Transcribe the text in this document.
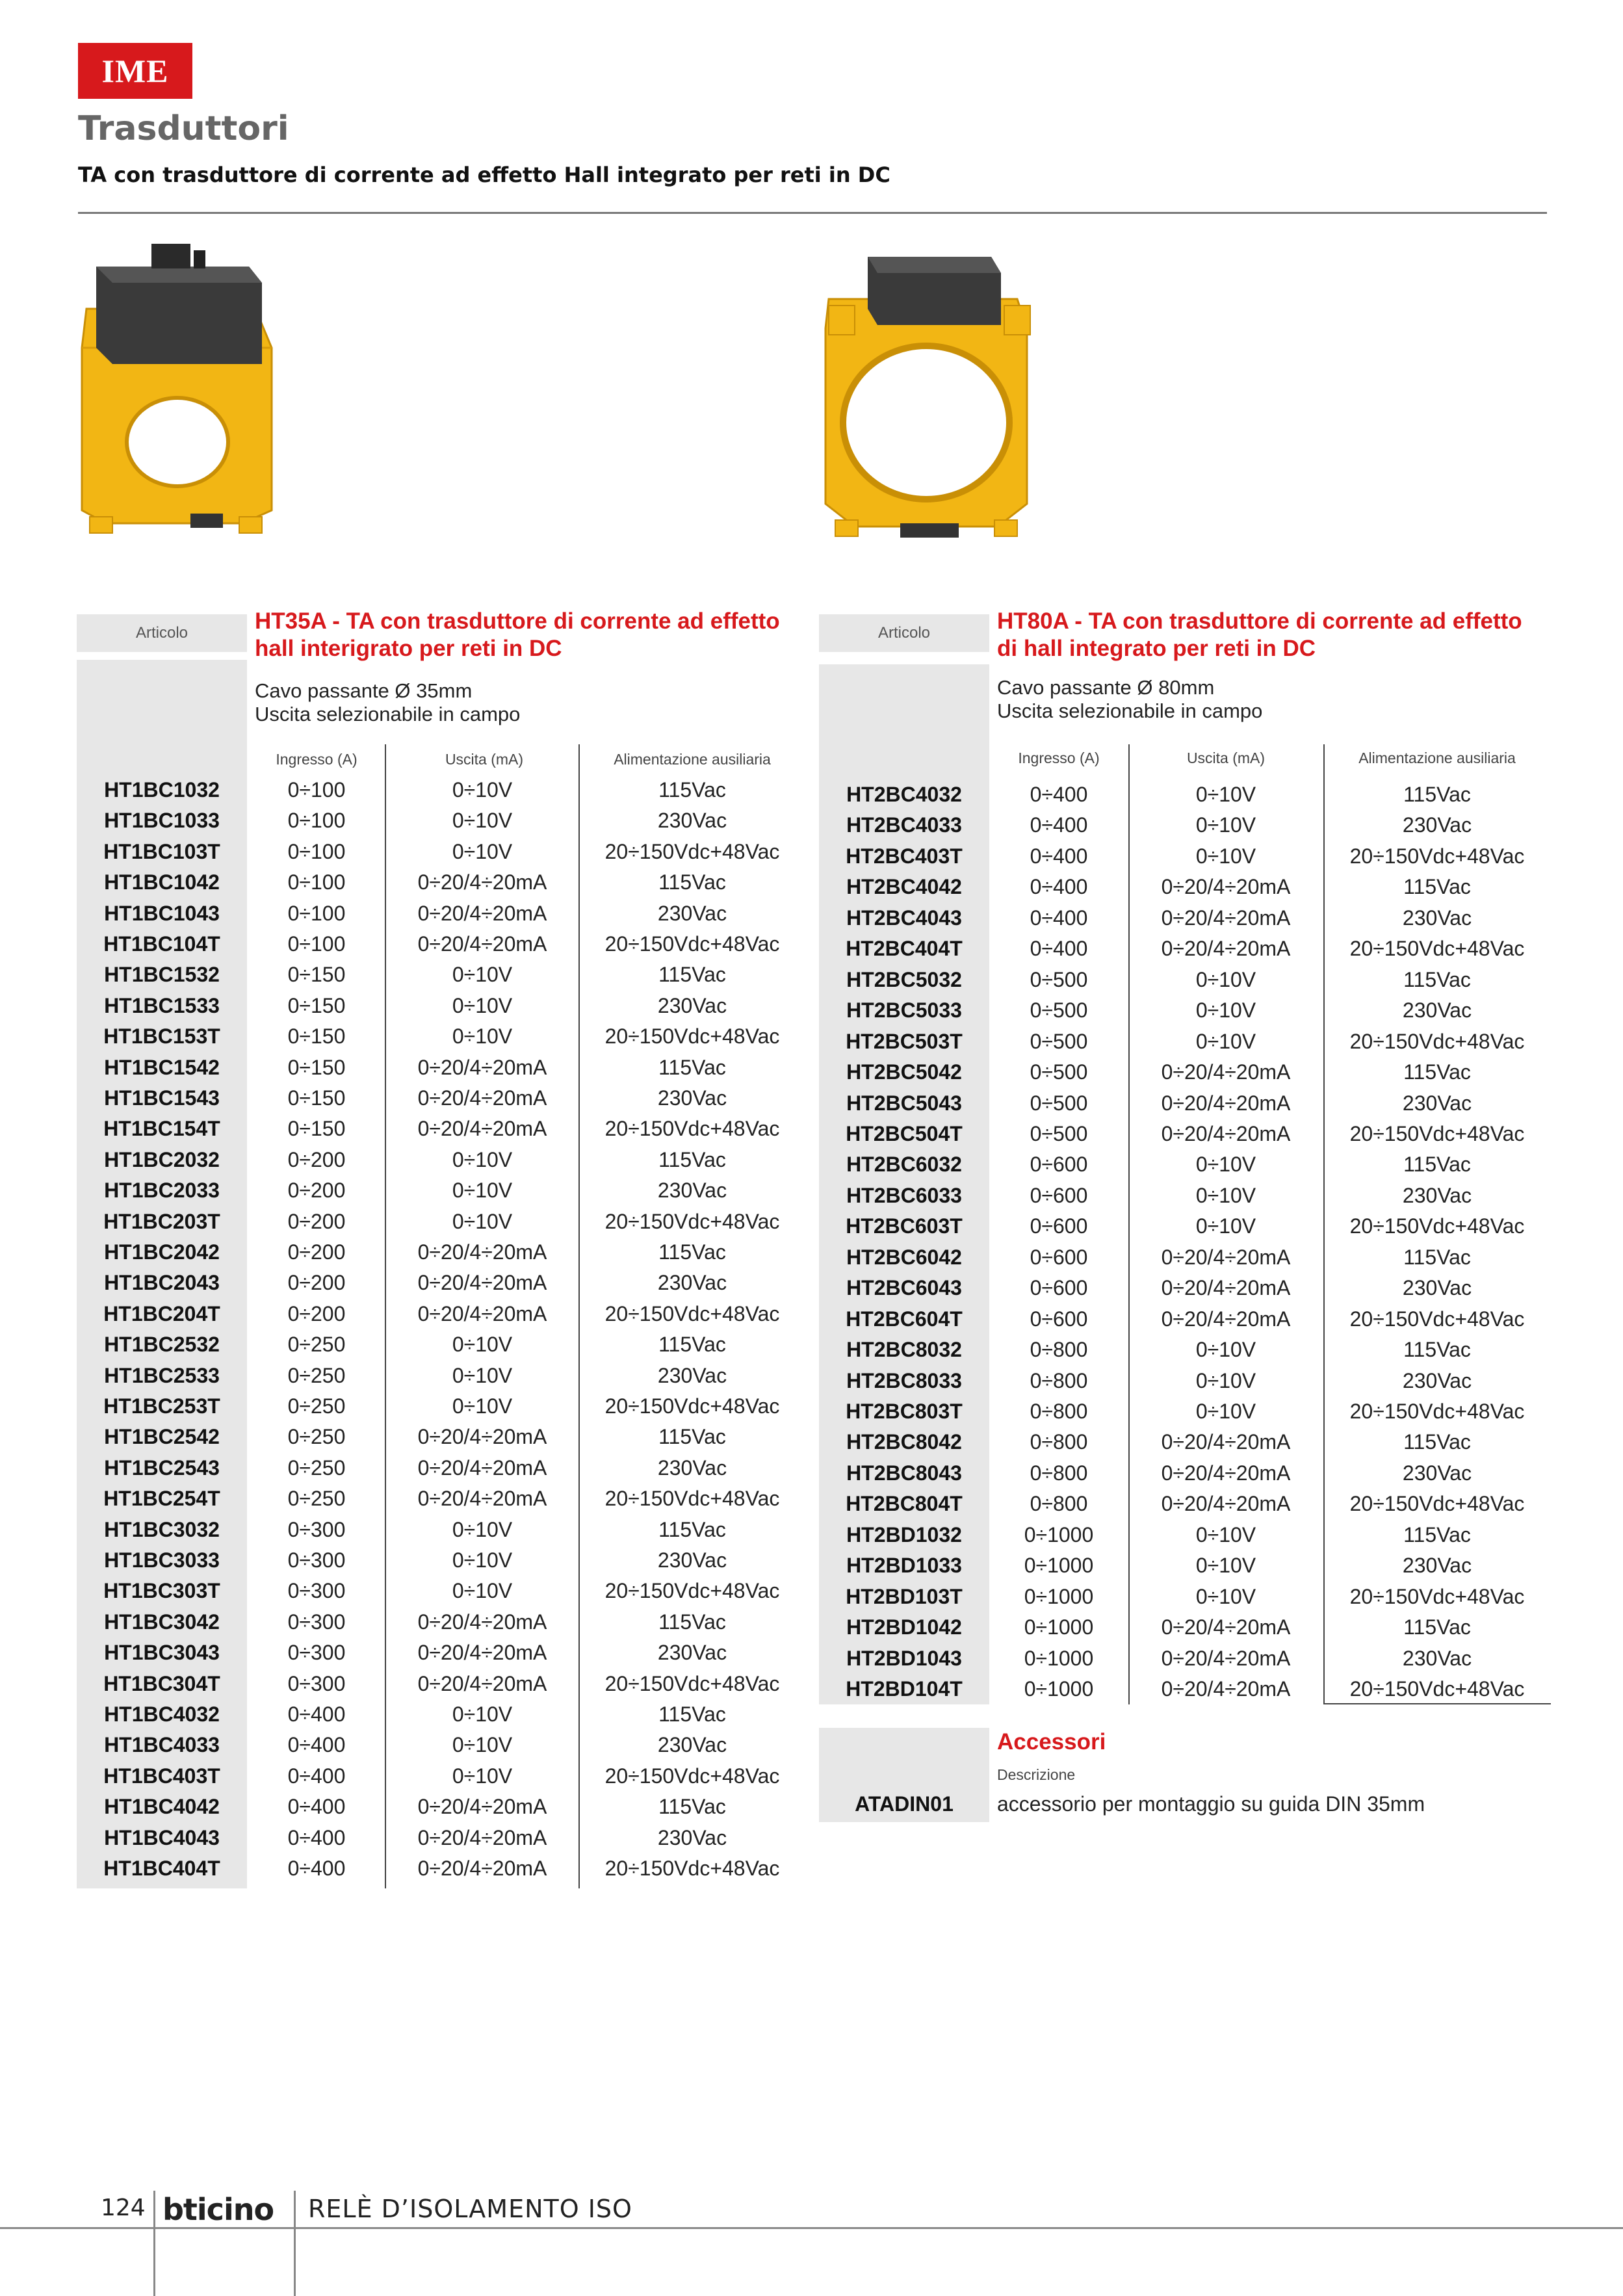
IME
Trasduttori
TA con trasduttore di corrente ad effetto Hall integrato per reti in DC
Articolo	HT35A - TA con trasduttore di corrente ad effetto
hall interigrato per reti in DC
Cavo passante Ø 35mm
Uscita selezionabile in campo
Ingresso (A)	Uscita (mA)	Alimentazione ausiliaria
HT1BC1032	0÷100	0÷10V	115Vac
HT1BC1033	0÷100	0÷10V	230Vac
HT1BC103T	0÷100	0÷10V	20÷150Vdc+48Vac
HT1BC1042	0÷100	0÷20/4÷20mA	115Vac
HT1BC1043	0÷100	0÷20/4÷20mA	230Vac
HT1BC104T	0÷100	0÷20/4÷20mA	20÷150Vdc+48Vac
HT1BC1532	0÷150	0÷10V	115Vac
HT1BC1533	0÷150	0÷10V	230Vac
HT1BC153T	0÷150	0÷10V	20÷150Vdc+48Vac
HT1BC1542	0÷150	0÷20/4÷20mA	115Vac
HT1BC1543	0÷150	0÷20/4÷20mA	230Vac
HT1BC154T	0÷150	0÷20/4÷20mA	20÷150Vdc+48Vac
HT1BC2032	0÷200	0÷10V	115Vac
HT1BC2033	0÷200	0÷10V	230Vac
HT1BC203T	0÷200	0÷10V	20÷150Vdc+48Vac
HT1BC2042	0÷200	0÷20/4÷20mA	115Vac
HT1BC2043	0÷200	0÷20/4÷20mA	230Vac
HT1BC204T	0÷200	0÷20/4÷20mA	20÷150Vdc+48Vac
HT1BC2532	0÷250	0÷10V	115Vac
HT1BC2533	0÷250	0÷10V	230Vac
HT1BC253T	0÷250	0÷10V	20÷150Vdc+48Vac
HT1BC2542	0÷250	0÷20/4÷20mA	115Vac
HT1BC2543	0÷250	0÷20/4÷20mA	230Vac
HT1BC254T	0÷250	0÷20/4÷20mA	20÷150Vdc+48Vac
HT1BC3032	0÷300	0÷10V	115Vac
HT1BC3033	0÷300	0÷10V	230Vac
HT1BC303T	0÷300	0÷10V	20÷150Vdc+48Vac
HT1BC3042	0÷300	0÷20/4÷20mA	115Vac
HT1BC3043	0÷300	0÷20/4÷20mA	230Vac
HT1BC304T	0÷300	0÷20/4÷20mA	20÷150Vdc+48Vac
HT1BC4032	0÷400	0÷10V	115Vac
HT1BC4033	0÷400	0÷10V	230Vac
HT1BC403T	0÷400	0÷10V	20÷150Vdc+48Vac
HT1BC4042	0÷400	0÷20/4÷20mA	115Vac
HT1BC4043	0÷400	0÷20/4÷20mA	230Vac
HT1BC404T	0÷400	0÷20/4÷20mA	20÷150Vdc+48Vac
Articolo	HT80A - TA con trasduttore di corrente ad effetto
di hall integrato per reti in DC
Cavo passante Ø 80mm
Uscita selezionabile in campo
Ingresso (A)	Uscita (mA)	Alimentazione ausiliaria
HT2BC4032	0÷400	0÷10V	115Vac
HT2BC4033	0÷400	0÷10V	230Vac
HT2BC403T	0÷400	0÷10V	20÷150Vdc+48Vac
HT2BC4042	0÷400	0÷20/4÷20mA	115Vac
HT2BC4043	0÷400	0÷20/4÷20mA	230Vac
HT2BC404T	0÷400	0÷20/4÷20mA	20÷150Vdc+48Vac
HT2BC5032	0÷500	0÷10V	115Vac
HT2BC5033	0÷500	0÷10V	230Vac
HT2BC503T	0÷500	0÷10V	20÷150Vdc+48Vac
HT2BC5042	0÷500	0÷20/4÷20mA	115Vac
HT2BC5043	0÷500	0÷20/4÷20mA	230Vac
HT2BC504T	0÷500	0÷20/4÷20mA	20÷150Vdc+48Vac
HT2BC6032	0÷600	0÷10V	115Vac
HT2BC6033	0÷600	0÷10V	230Vac
HT2BC603T	0÷600	0÷10V	20÷150Vdc+48Vac
HT2BC6042	0÷600	0÷20/4÷20mA	115Vac
HT2BC6043	0÷600	0÷20/4÷20mA	230Vac
HT2BC604T	0÷600	0÷20/4÷20mA	20÷150Vdc+48Vac
HT2BC8032	0÷800	0÷10V	115Vac
HT2BC8033	0÷800	0÷10V	230Vac
HT2BC803T	0÷800	0÷10V	20÷150Vdc+48Vac
HT2BC8042	0÷800	0÷20/4÷20mA	115Vac
HT2BC8043	0÷800	0÷20/4÷20mA	230Vac
HT2BC804T	0÷800	0÷20/4÷20mA	20÷150Vdc+48Vac
HT2BD1032	0÷1000	0÷10V	115Vac
HT2BD1033	0÷1000	0÷10V	230Vac
HT2BD103T	0÷1000	0÷10V	20÷150Vdc+48Vac
HT2BD1042	0÷1000	0÷20/4÷20mA	115Vac
HT2BD1043	0÷1000	0÷20/4÷20mA	230Vac
HT2BD104T	0÷1000	0÷20/4÷20mA	20÷150Vdc+48Vac
Accessori
Descrizione
ATADIN01	accessorio per montaggio su guida DIN 35mm
124 bticino RELÈ D’ISOLAMENTO ISO
